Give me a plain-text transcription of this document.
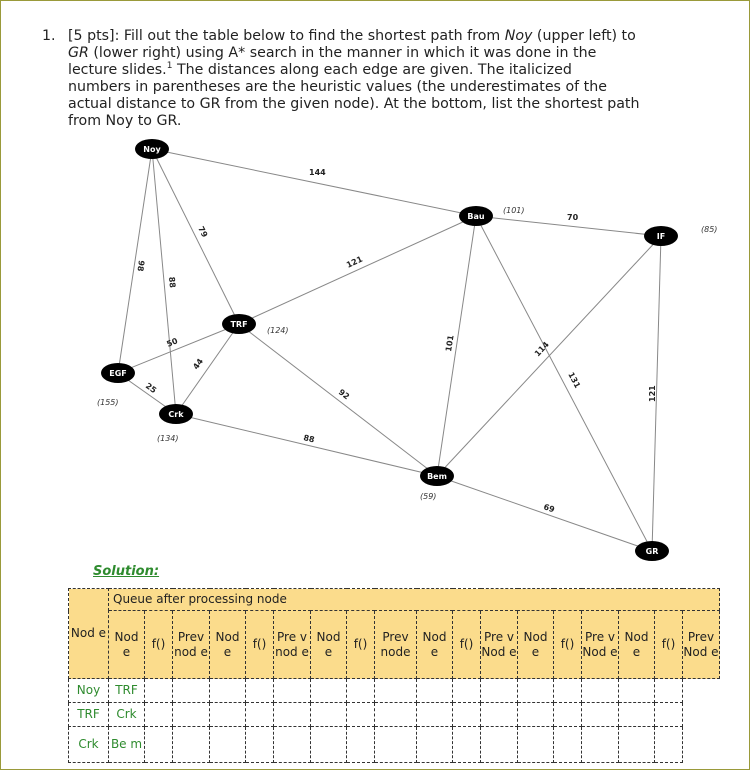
1. [5 pts]: Fill out the table below to find the shortest path from Noy (upper left) to
GR (lower right) using A* search in the manner in which it was done in the
lecture slides.$^1$ The distances along each edge are given. The italicized
numbers in parentheses are the heuristic values (the underestimates of the
actual distance to GR from the given node). At the bottom, list the shortest path
from Noy to GR.
144
70
79
98
88
121
50
44
25	92
88
101
131
114
121
69
Noy
Bau
IF
TRF
EGF
Crk
Bem
GR
(101)
(85)
(124)
(155)
(134)
(59)
Solution:
Nod e	Queue after processing node																	
	Nod e	f()	Prev nod e	Nod e	f()	Pre v nod e	Nod e	f()	Prev node	Nod e	f()	Pre v Nod e	Nod e	f()	Pre v Nod e	Nod e	f()	Prev Nod e
Noy	TRF																	
TRF	Crk																	
Crk	Be m																	
